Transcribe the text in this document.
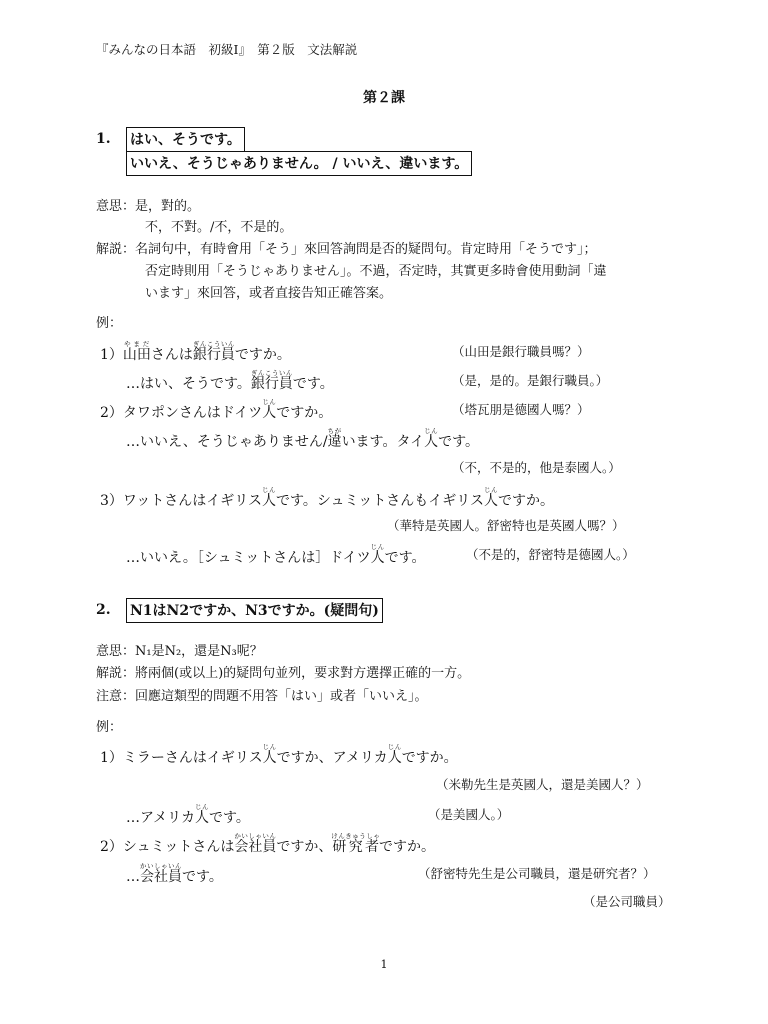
『みんなの日本語　初級Ⅰ』　第２版　文法解説
第２課
1. はい、そうです。
いいえ、そうじゃありません。 / いいえ、違います。
意思：是，對的。
不，不對。/不，不是的。
解説：名詞句中，有時會用「そう」來回答詢問是否的疑問句。肯定時用「そうです」；
否定時則用「そうじゃありません」。不過，否定時，其實更多時會使用動詞「違
います」來回答，或者直接告知正確答案。
例：
1）山田やまださんは銀行員ぎんこういんですか。	（山田是銀行職員嗎？）
…はい、そうです。銀行員ぎんこういんです。	（是，是的。是銀行職員。）
2）タワポンさんはドイツ人じんですか。	（塔瓦朋是德國人嗎？）
…いいえ、そうじゃありません/違ちがいます。タイ人じんです。
（不，不是的，他是泰國人。）
3）ワットさんはイギリス人じんです。シュミットさんもイギリス人じんですか。
（華特是英國人。舒密特也是英國人嗎？）
…いいえ。［シュミットさんは］ドイツ人じんです。	（不是的，舒密特是德國人。）
2. N1はN2ですか、N3ですか。(疑問句)
意思：N₁是N₂，還是N₃呢？
解説：將兩個(或以上)的疑問句並列，要求對方選擇正確的一方。
注意：回應這類型的問題不用答「はい」或者「いいえ」。
例：
1）ミラーさんはイギリス人じんですか、アメリカ人じんですか。
（米勒先生是英國人，還是美國人？）
…アメリカ人じんです。	（是美國人。）
2）シュミットさんは会社員かいしゃいんですか、研究者けんきゅうしゃですか。
…会社員かいしゃいんです。	（舒密特先生是公司職員，還是研究者？）
（是公司職員）
1
